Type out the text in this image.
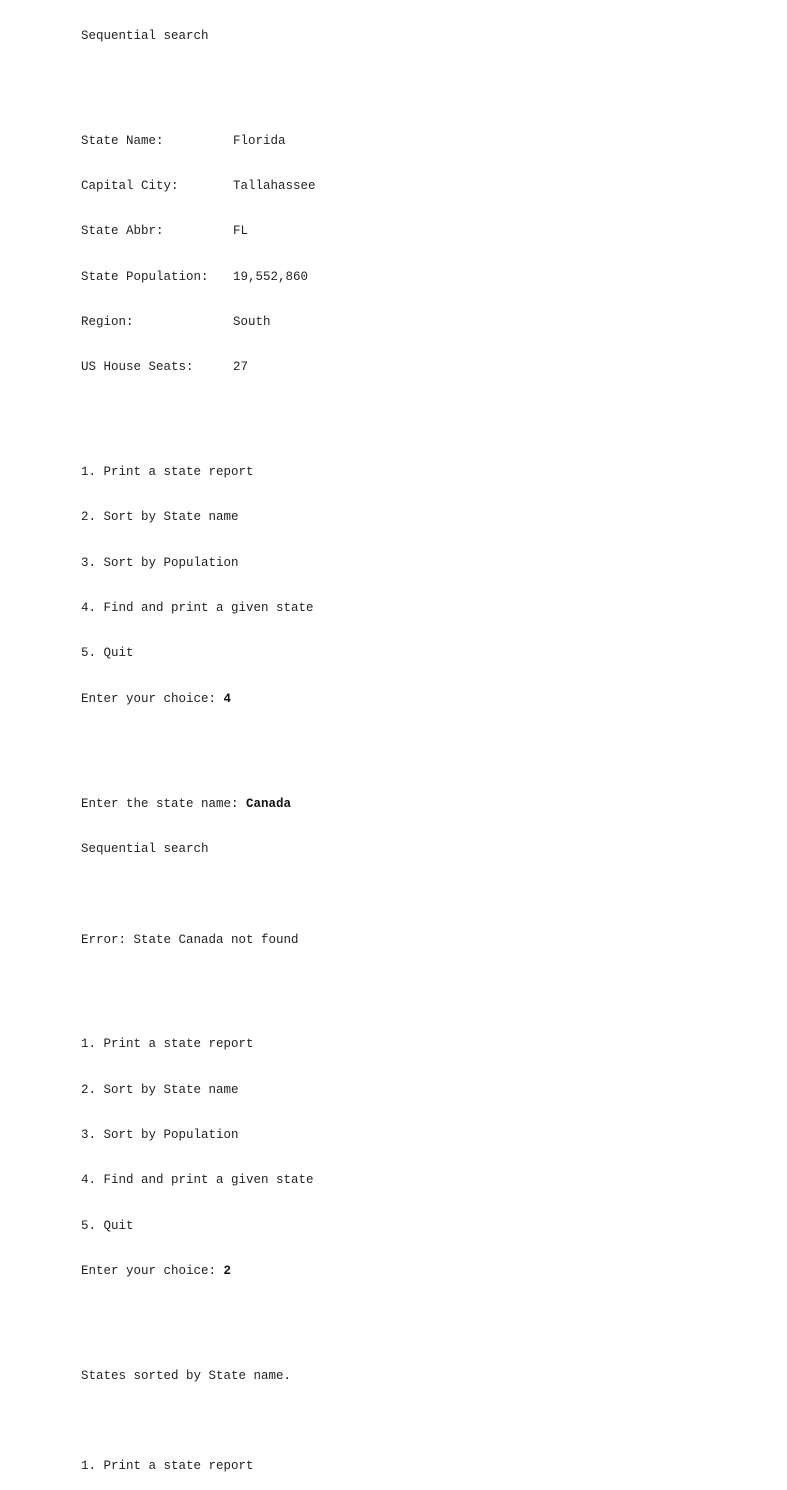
Sequential search

State Name:	Florida

Capital City:	Tallahassee

State Abbr:	FL

State Population: 19,552,860

Region:	South

US House Seats:	27

1. Print a state report

2. Sort by State name

3. Sort by Population

4. Find and print a given state

5. Quit

Enter your choice: 4

Enter the state name: Canada

Sequential search

Error: State Canada not found

1. Print a state report

2. Sort by State name

3. Sort by Population

4. Find and print a given state

5. Quit

Enter your choice: 2

States sorted by State name.

1. Print a state report
